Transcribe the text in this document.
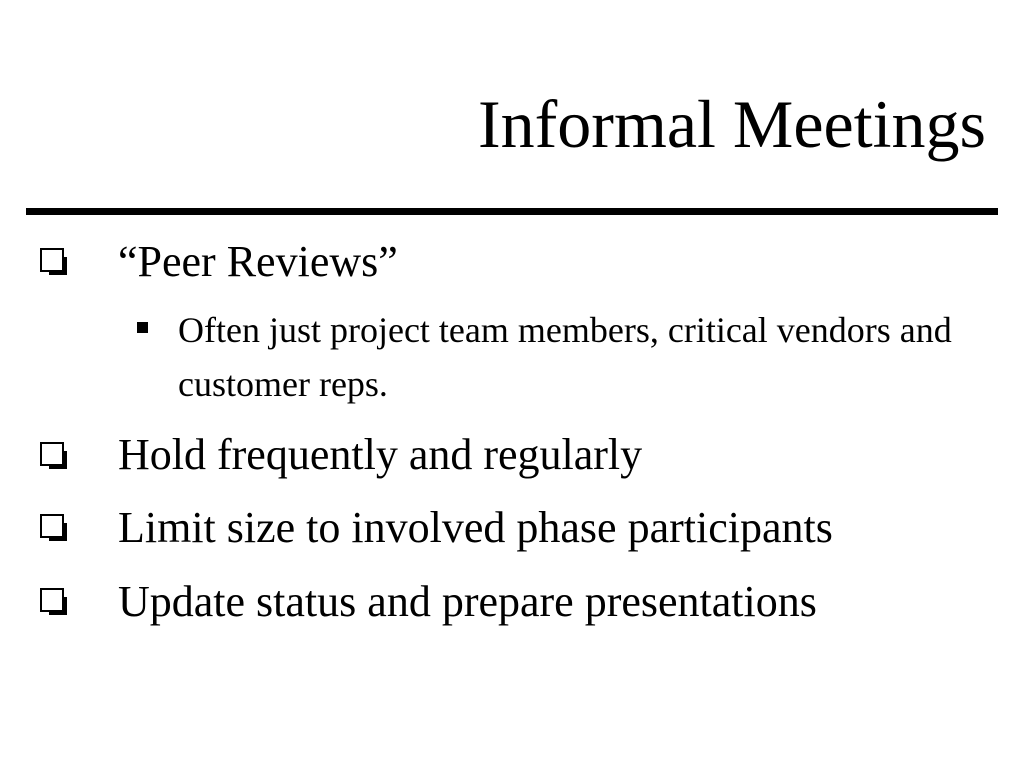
Informal Meetings
“Peer Reviews”
Often just project team members, critical vendors and customer reps.
Hold frequently and regularly
Limit size to involved phase participants
Update status and prepare presentations
